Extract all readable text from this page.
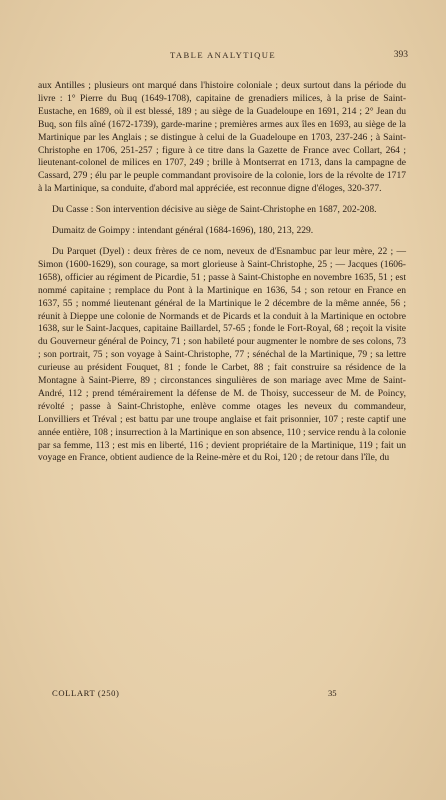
TABLE ANALYTIQUE	393

aux Antilles ; plusieurs ont marqué dans l'histoire coloniale ; deux surtout dans la période du livre : 1° Pierre du Buq (1649-1708), capitaine de grenadiers milices, à la prise de Saint-Eustache, en 1689, où il est blessé, 189 ; au siège de la Guadeloupe en 1691, 214 ; 2° Jean du Buq, son fils aîné (1672-1739), garde-marine ; premières armes aux îles en 1693, au siège de la Martinique par les Anglais ; se distingue à celui de la Guadeloupe en 1703, 237-246 ; à Saint-Christophe en 1706, 251-257 ; figure à ce titre dans la Gazette de France avec Collart, 264 ; lieutenant-colonel de milices en 1707, 249 ; brille à Montserrat en 1713, dans la campagne de Cassard, 279 ; élu par le peuple commandant provisoire de la colonie, lors de la révolte de 1717 à la Martinique, sa conduite, d'abord mal appréciée, est reconnue digne d'éloges, 320-377.

Du Casse : Son intervention décisive au siège de Saint-Christophe en 1687, 202-208.

Dumaitz de Goimpy : intendant général (1684-1696), 180, 213, 229.

Du Parquet (Dyel) : deux frères de ce nom, neveux de d'Esnambuc par leur mère, 22 ; — Simon (1600-1629), son courage, sa mort glorieuse à Saint-Christophe, 25 ; — Jacques (1606-1658), officier au régiment de Picardie, 51 ; passe à Saint-Chistophe en novembre 1635, 51 ; est nommé capitaine ; remplace du Pont à la Martinique en 1636, 54 ; son retour en France en 1637, 55 ; nommé lieutenant général de la Martinique le 2 décembre de la même année, 56 ; réunit à Dieppe une colonie de Normands et de Picards et la conduit à la Martinique en octobre 1638, sur le Saint-Jacques, capitaine Baillardel, 57-65 ; fonde le Fort-Royal, 68 ; reçoit la visite du Gouverneur général de Poincy, 71 ; son habileté pour augmenter le nombre de ses colons, 73 ; son portrait, 75 ; son voyage à Saint-Christophe, 77 ; sénéchal de la Martinique, 79 ; sa lettre curieuse au président Fouquet, 81 ; fonde le Carbet, 88 ; fait construire sa résidence de la Montagne à Saint-Pierre, 89 ; circonstances singulières de son mariage avec Mme de Saint-André, 112 ; prend témérairement la défense de M. de Thoisy, successeur de M. de Poincy, révolté ; passe à Saint-Christophe, enlève comme otages les neveux du commandeur, Lonvilliers et Tréval ; est battu par une troupe anglaise et fait prisonnier, 107 ; reste captif une année entière, 108 ; insurrection à la Martinique en son absence, 110 ; service rendu à la colonie par sa femme, 113 ; est mis en liberté, 116 ; devient propriétaire de la Martinique, 119 ; fait un voyage en France, obtient audience de la Reine-mère et du Roi, 120 ; de retour dans l'île, du

COLLART (250)	35
